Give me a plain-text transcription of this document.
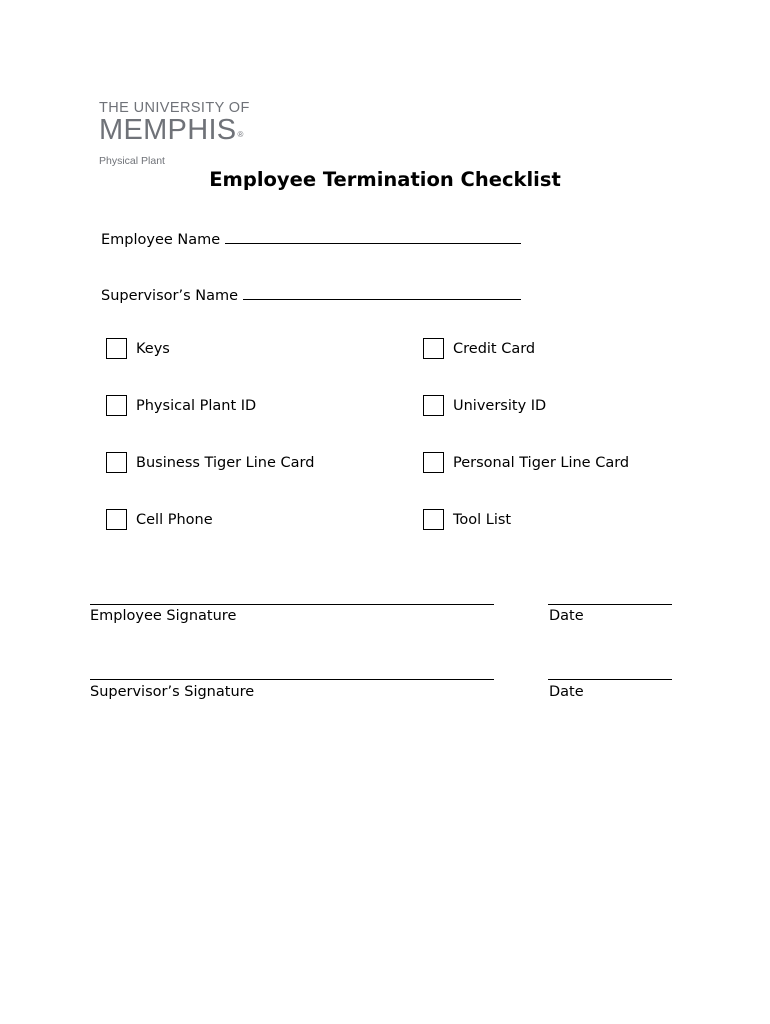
THE UNIVERSITY OF
MEMPHIS®
Physical Plant
Employee Termination Checklist
Employee Name
Supervisor’s Name
Keys	Credit Card
Physical Plant ID	University ID
Business Tiger Line Card	Personal Tiger Line Card
Cell Phone	Tool List
Employee Signature	Date
Supervisor’s Signature	Date
